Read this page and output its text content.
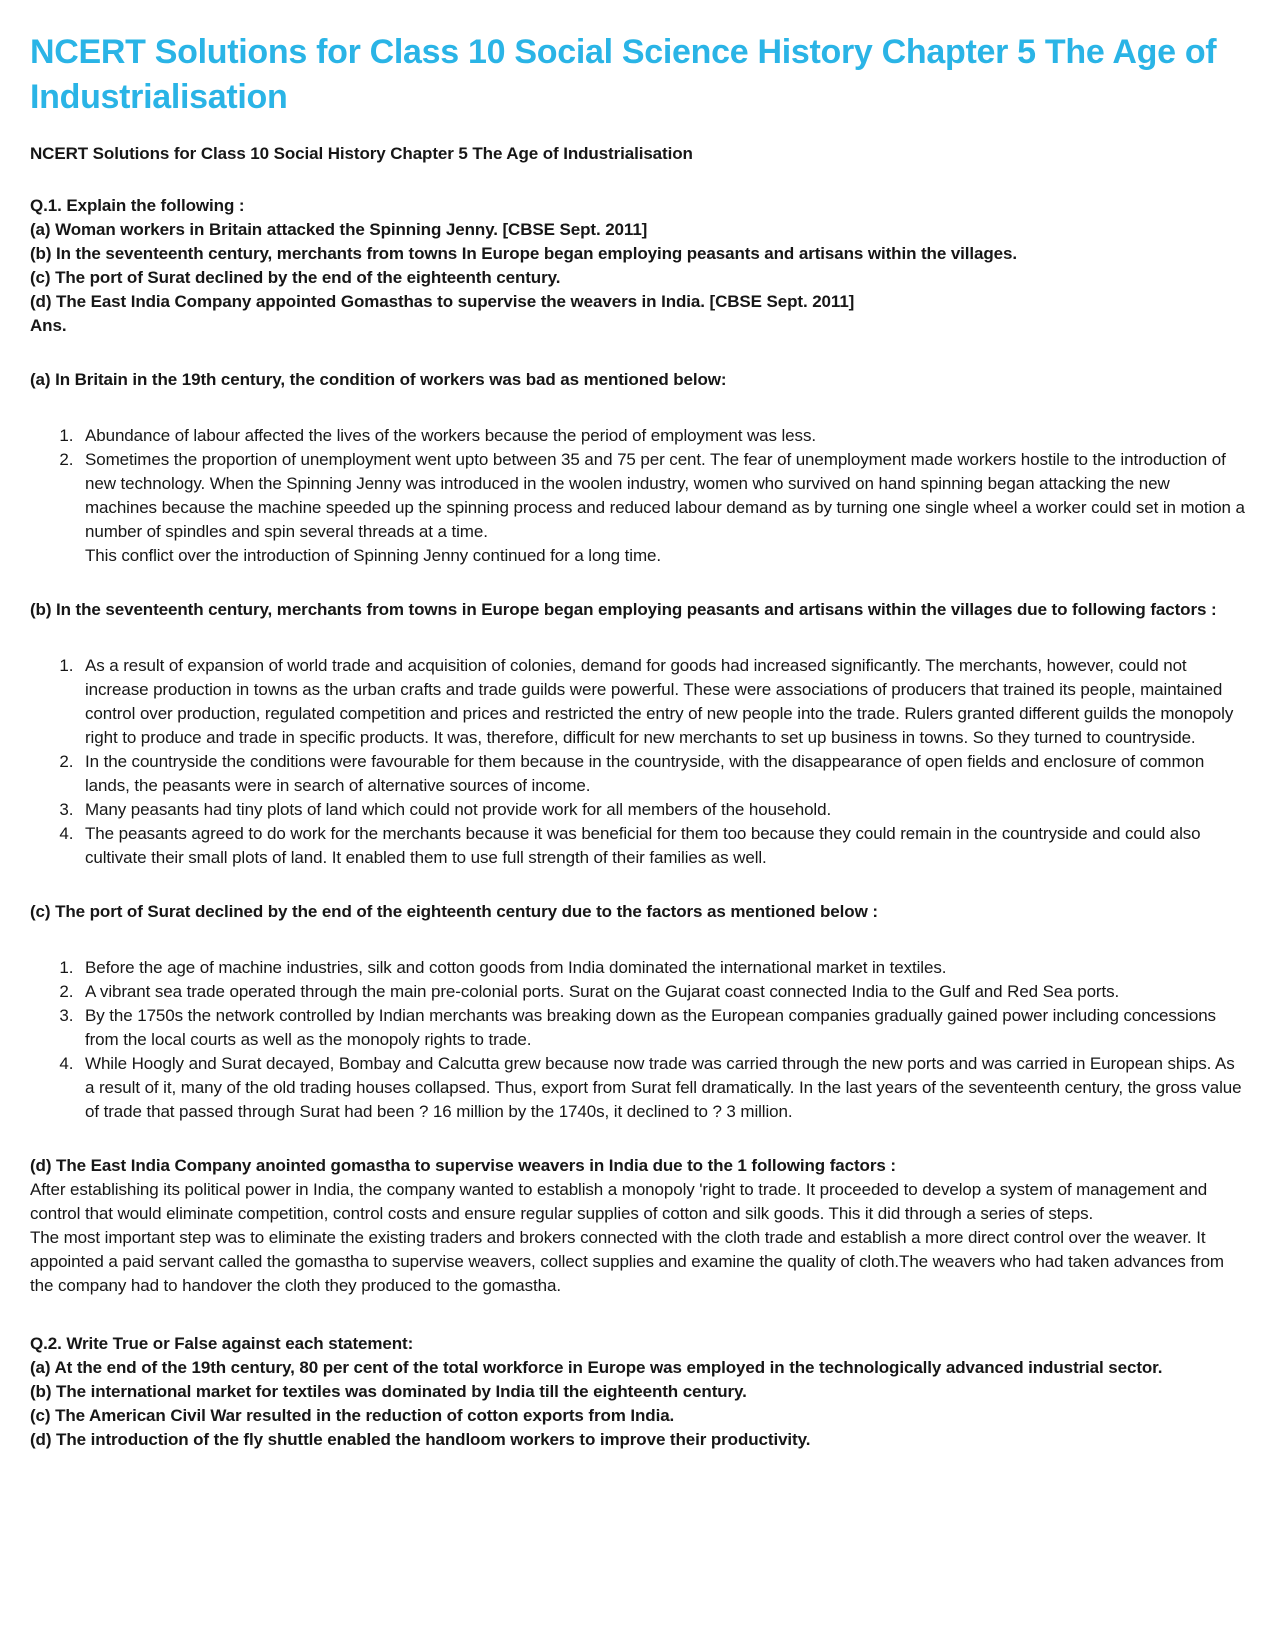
NCERT Solutions for Class 10 Social Science History Chapter 5 The Age of Industrialisation

NCERT Solutions for Class 10 Social History Chapter 5 The Age of Industrialisation

Q.1. Explain the following :

(a) Woman workers in Britain attacked the Spinning Jenny. [CBSE Sept. 2011]

(b) In the seventeenth century, merchants from towns In Europe began employing peasants and artisans within the villages.

(c) The port of Surat declined by the end of the eighteenth century.

(d) The East India Company appointed Gomasthas to supervise the weavers in India. [CBSE Sept. 2011]

Ans.

(a) In Britain in the 19th century, the condition of workers was bad as mentioned below:

1. Abundance of labour affected the lives of the workers because the period of employment was less.
2. Sometimes the proportion of unemployment went upto between 35 and 75 per cent. The fear of unemployment made workers hostile to the introduction of new technology. When the Spinning Jenny was introduced in the woolen industry, women who survived on hand spinning began attacking the new machines because the machine speeded up the spinning process and reduced labour demand as by turning one single wheel a worker could set in motion a number of spindles and spin several threads at a time.
This conflict over the introduction of Spinning Jenny continued for a long time.

(b) In the seventeenth century, merchants from towns in Europe began employing peasants and artisans within the villages due to following factors :

1. As a result of expansion of world trade and acquisition of colonies, demand for goods had increased significantly. The merchants, however, could not increase production in towns as the urban crafts and trade guilds were powerful. These were associations of producers that trained its people, maintained control over production, regulated competition and prices and restricted the entry of new people into the trade. Rulers granted different guilds the monopoly right to produce and trade in specific products. It was, therefore, difficult for new merchants to set up business in towns. So they turned to countryside.
2. In the countryside the conditions were favourable for them because in the countryside, with the disappearance of open fields and enclosure of common lands, the peasants were in search of alternative sources of income.
3. Many peasants had tiny plots of land which could not provide work for all members of the household.
4. The peasants agreed to do work for the merchants because it was beneficial for them too because they could remain in the countryside and could also cultivate their small plots of land. It enabled them to use full strength of their families as well.

(c) The port of Surat declined by the end of the eighteenth century due to the factors as mentioned below :

1. Before the age of machine industries, silk and cotton goods from India dominated the international market in textiles.
2. A vibrant sea trade operated through the main pre-colonial ports. Surat on the Gujarat coast connected India to the Gulf and Red Sea ports.
3. By the 1750s the network controlled by Indian merchants was breaking down as the European companies gradually gained power including concessions from the local courts as well as the monopoly rights to trade.
4. While Hoogly and Surat decayed, Bombay and Calcutta grew because now trade was carried through the new ports and was carried in European ships. As a result of it, many of the old trading houses collapsed. Thus, export from Surat fell dramatically. In the last years of the seventeenth century, the gross value of trade that passed through Surat had been ? 16 million by the 1740s, it declined to ? 3 million.

(d) The East India Company anointed gomastha to supervise weavers in India due to the 1 following factors :

After establishing its political power in India, the company wanted to establish a monopoly 'right to trade. It proceeded to develop a system of management and control that would eliminate competition, control costs and ensure regular supplies of cotton and silk goods. This it did through a series of steps.

The most important step was to eliminate the existing traders and brokers connected with the cloth trade and establish a more direct control over the weaver. It appointed a paid servant called the gomastha to supervise weavers, collect supplies and examine the quality of cloth.The weavers who had taken advances from the company had to handover the cloth they produced to the gomastha.

Q.2. Write True or False against each statement:

(a) At the end of the 19th century, 80 per cent of the total workforce in Europe was employed in the technologically advanced industrial sector.

(b) The international market for textiles was dominated by India till the eighteenth century.

(c) The American Civil War resulted in the reduction of cotton exports from India.

(d) The introduction of the fly shuttle enabled the handloom workers to improve their productivity.
